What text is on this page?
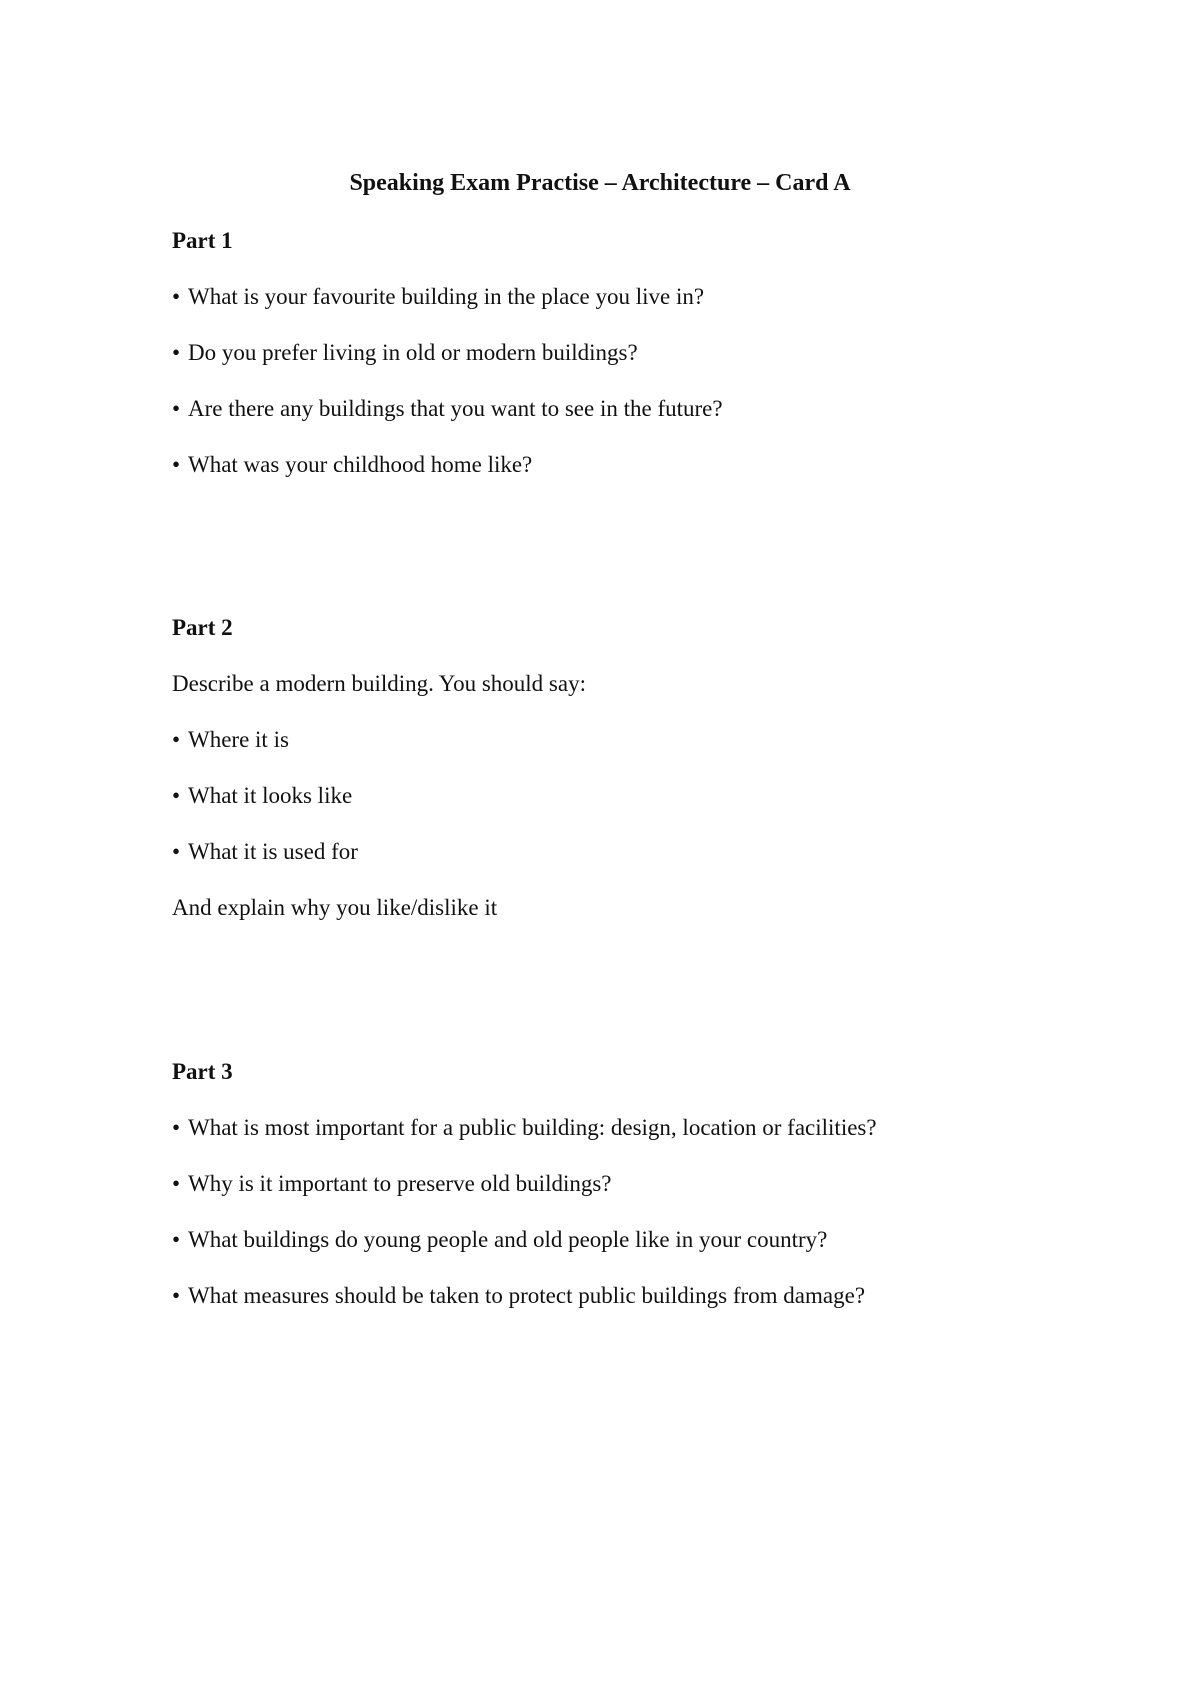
Speaking Exam Practise – Architecture – Card A
Part 1
• What is your favourite building in the place you live in?
• Do you prefer living in old or modern buildings?
• Are there any buildings that you want to see in the future?
• What was your childhood home like?
Part 2

Describe a modern building. You should say:

• Where it is
• What it looks like
• What it is used for

And explain why you like/dislike it

Part 3
• What is most important for a public building: design, location or facilities?
• Why is it important to preserve old buildings?
• What buildings do young people and old people like in your country?
• What measures should be taken to protect public buildings from damage?
